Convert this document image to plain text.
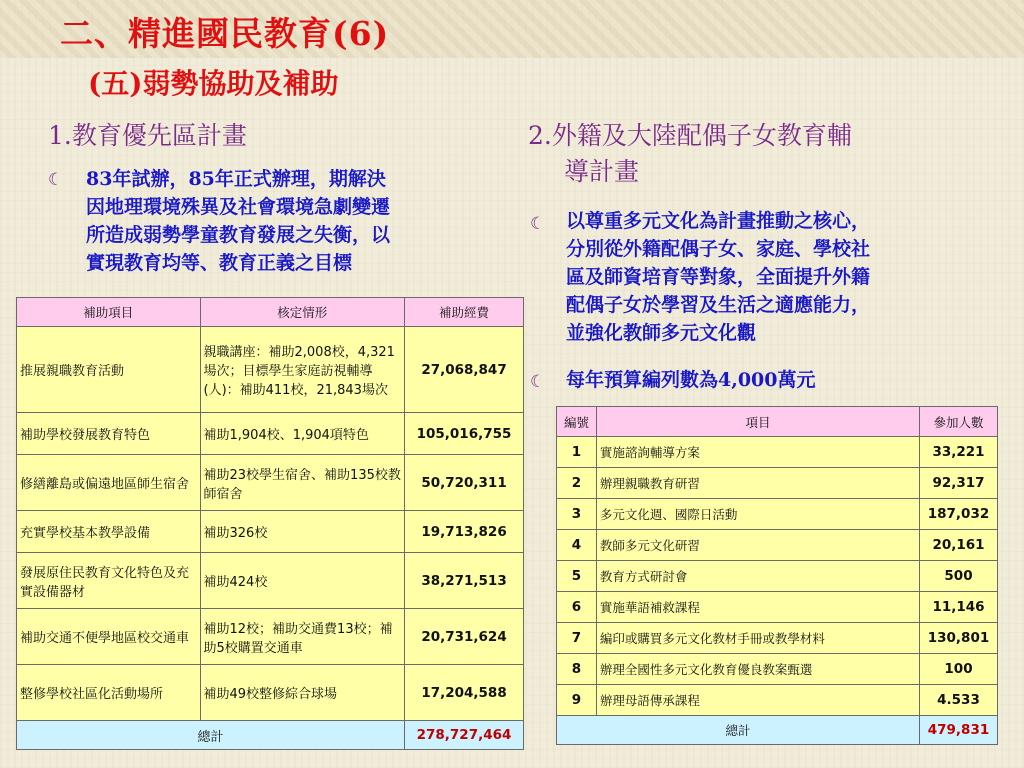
二、精進國民教育(6)
(五)弱勢協助及補助
1.教育優先區計畫
☾ 83年試辦，85年正式辦理，期解決
因地理環境殊異及社會環境急劇變遷
所造成弱勢學童教育發展之失衡，以
實現教育均等、教育正義之目標
補助項目	核定情形	補助經費
推展親職教育活動	親職講座：補助2,008校，4,321場次；目標學生家庭訪視輔導(人)：補助411校，21,843場次	27,068,847
補助學校發展教育特色	補助1,904校、1,904項特色	105,016,755
修繕離島或偏遠地區師生宿舍	補助23校學生宿舍、補助135校教師宿舍	50,720,311
充實學校基本教學設備	補助326校	19,713,826
發展原住民教育文化特色及充實設備器材	補助424校	38,271,513
補助交通不便學地區校交通車	補助12校；補助交通費13校；補助5校購置交通車	20,731,624
整修學校社區化活動場所	補助49校整修綜合球場	17,204,588
總計		278,727,464
2.外籍及大陸配偶子女教育輔
導計畫
☾ 以尊重多元文化為計畫推動之核心，
分別從外籍配偶子女、家庭、學校社
區及師資培育等對象，全面提升外籍
配偶子女於學習及生活之適應能力，
並強化教師多元文化觀
☾ 每年預算編列數為4,000萬元
編號	項目	參加人數
1	實施諮詢輔導方案	33,221
2	辦理親職教育研習	92,317
3	多元文化週、國際日活動	187,032
4	教師多元文化研習	20,161
5	教育方式研討會	500
6	實施華語補救課程	11,146
7	編印或購買多元文化教材手冊或教學材料	130,801
8	辦理全國性多元文化教育優良教案甄選	100
9	辦理母語傳承課程	4.533
總計		479,831
